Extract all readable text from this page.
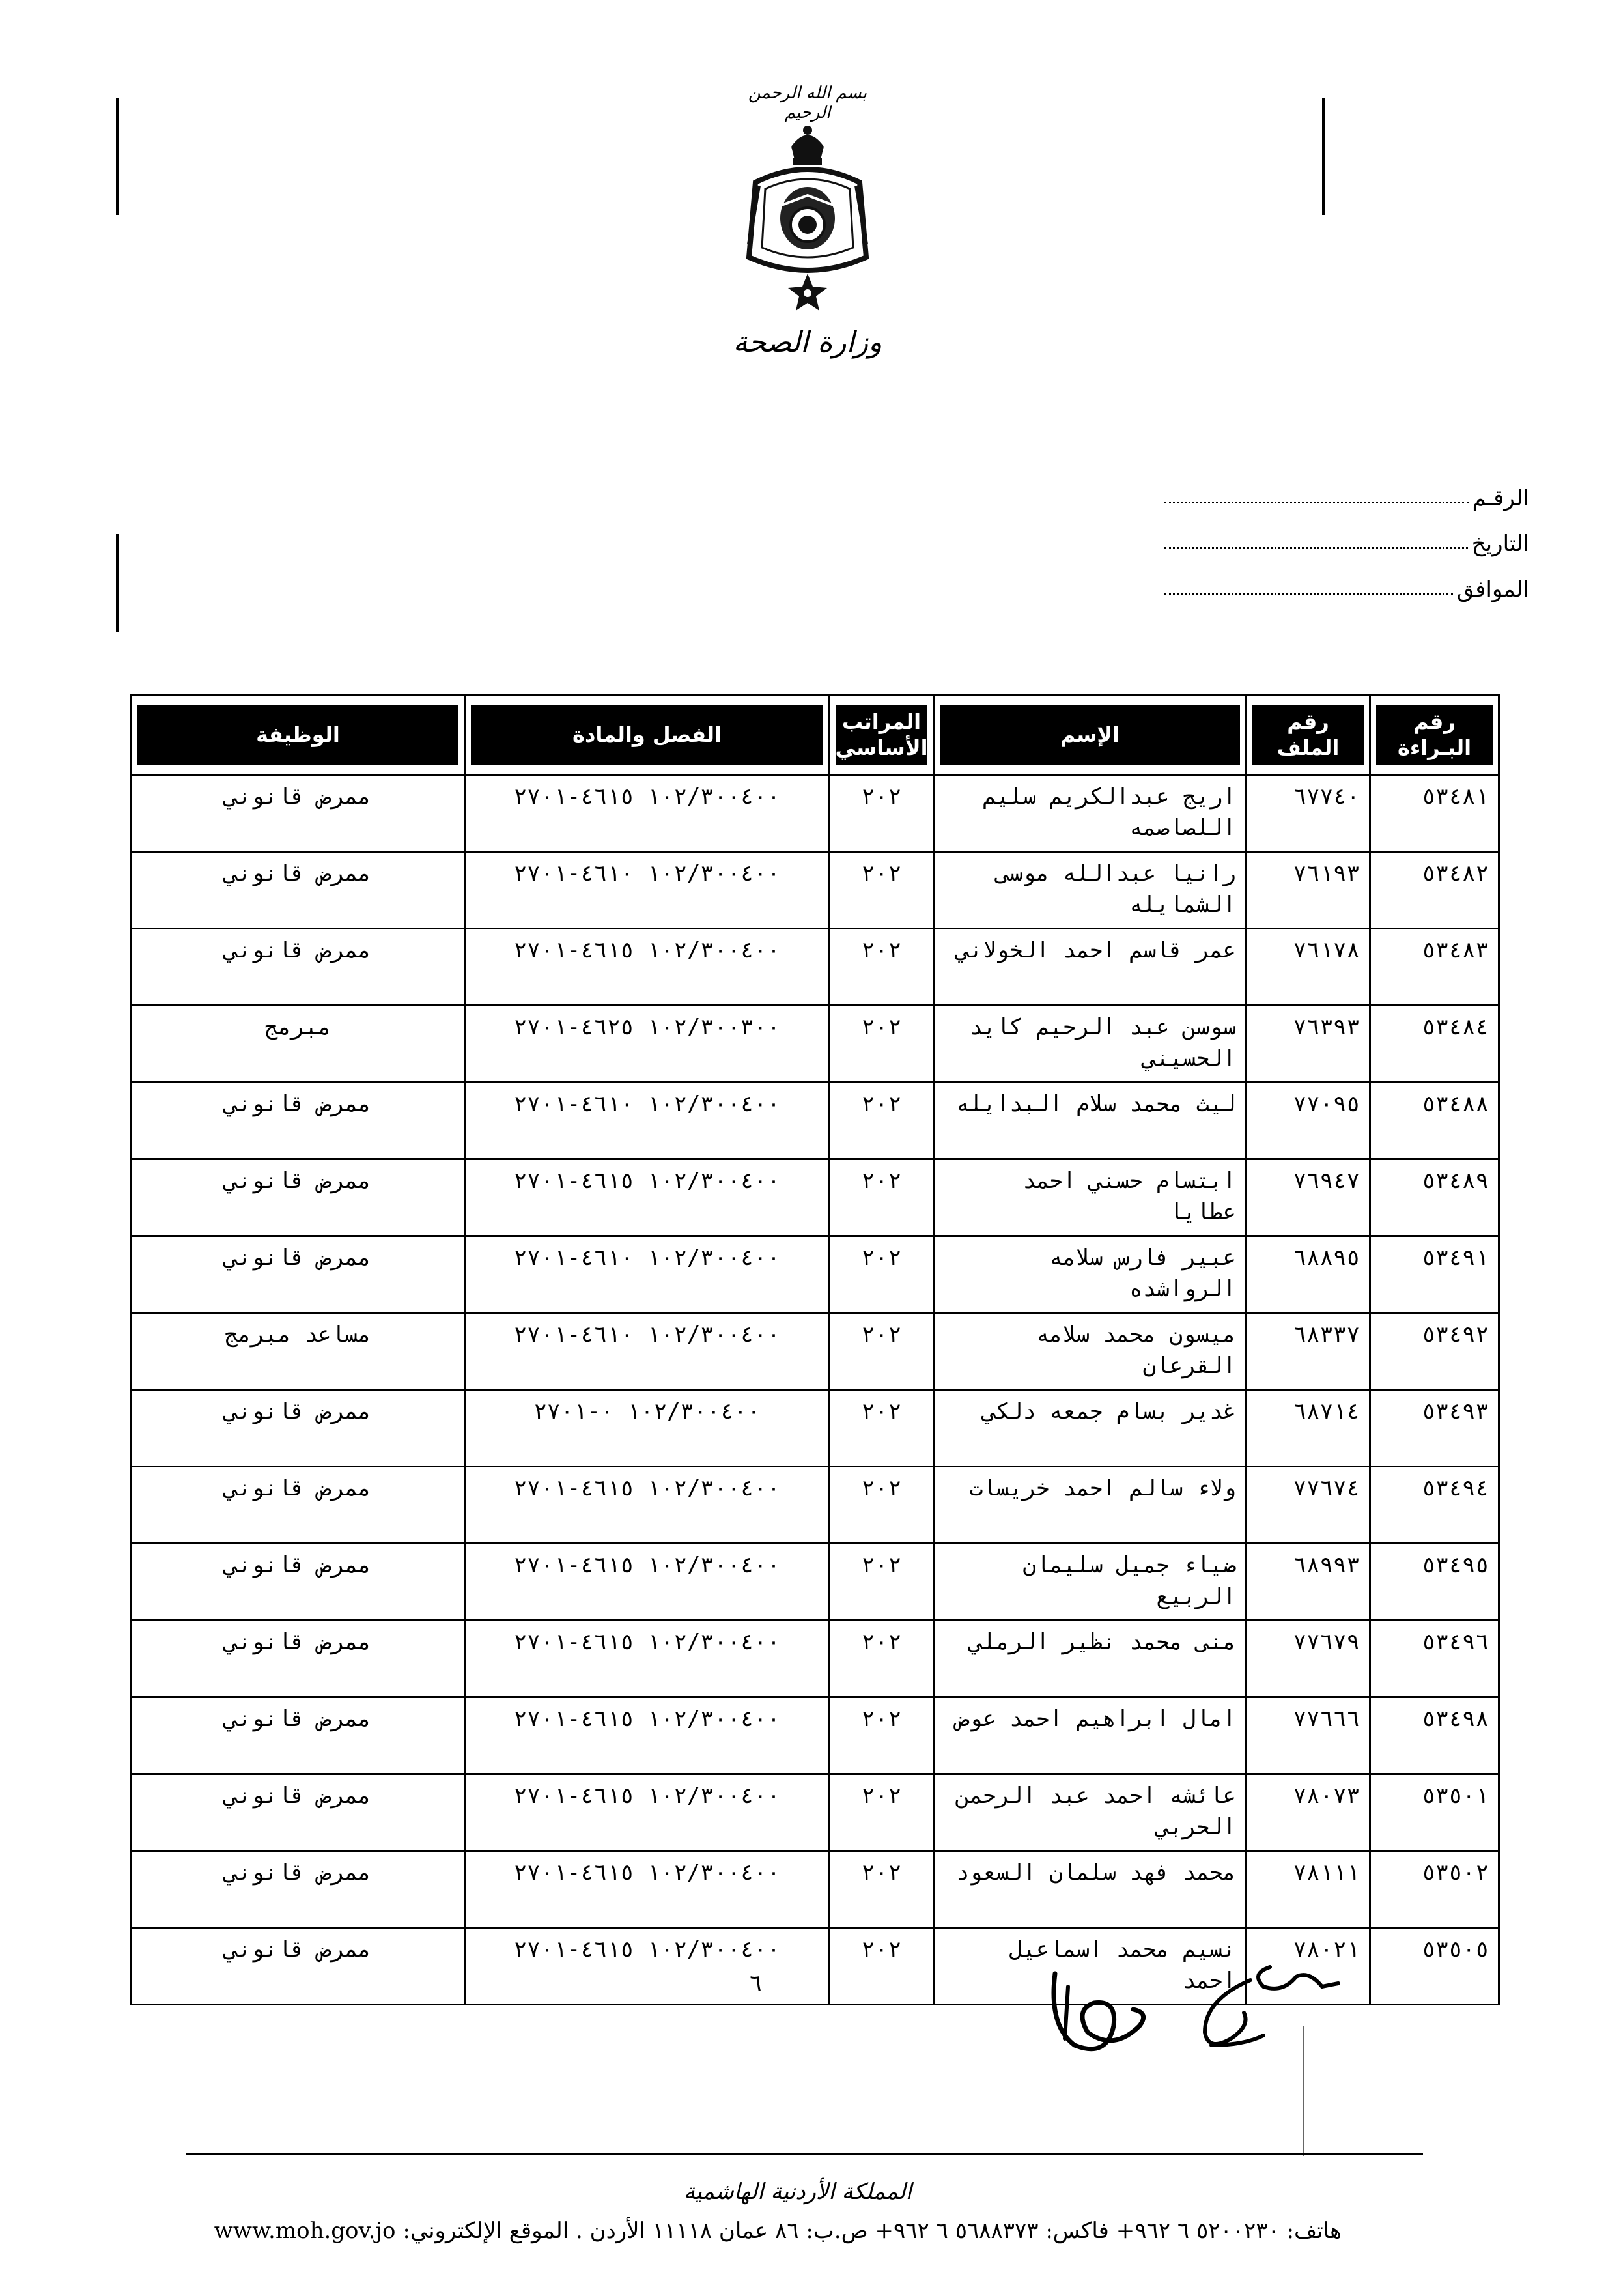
بسم الله الرحمن الرحيم
وزارة الصحة
الرقـم
التاريخ
الموافق
رقم البـراءة	رقم الملف	الإسم	المراتب الأساسي	الفصل والمادة	الوظيفة

٥٣٤٨١	٦٧٧٤٠	اريج عبدالكريم سليم اللصاصمه	٢٠٢	١٠٢/٣٠٠٤٠٠ ٤٦١٥-٢٧٠١	ممرض قانوني
٥٣٤٨٢	٧٦١٩٣	رانيا عبدالله موسى الشمايله	٢٠٢	١٠٢/٣٠٠٤٠٠ ٤٦١٠-٢٧٠١	ممرض قانوني
٥٣٤٨٣	٧٦١٧٨	عمر قاسم احمد الخولاني	٢٠٢	١٠٢/٣٠٠٤٠٠ ٤٦١٥-٢٧٠١	ممرض قانوني
٥٣٤٨٤	٧٦٣٩٣	سوسن عبد الرحيم كايد الحسيني	٢٠٢	١٠٢/٣٠٠٣٠٠ ٤٦٢٥-٢٧٠١	مبرمج
٥٣٤٨٨	٧٧٠٩٥	ليث محمد سلام البدايله	٢٠٢	١٠٢/٣٠٠٤٠٠ ٤٦١٠-٢٧٠١	ممرض قانوني
٥٣٤٨٩	٧٦٩٤٧	ابتسام حسني احمد عطايا	٢٠٢	١٠٢/٣٠٠٤٠٠ ٤٦١٥-٢٧٠١	ممرض قانوني
٥٣٤٩١	٦٨٨٩٥	عبير فارس سلامه الرواشده	٢٠٢	١٠٢/٣٠٠٤٠٠ ٤٦١٠-٢٧٠١	ممرض قانوني
٥٣٤٩٢	٦٨٣٣٧	ميسون محمد سلامه القرعان	٢٠٢	١٠٢/٣٠٠٤٠٠ ٤٦١٠-٢٧٠١	مساعد مبرمج
٥٣٤٩٣	٦٨٧١٤	غدير بسام جمعه دلكي	٢٠٢	١٠٢/٣٠٠٤٠٠ ٠-٢٧٠١	ممرض قانوني
٥٣٤٩٤	٧٧٦٧٤	ولاء سالم احمد خريسات	٢٠٢	١٠٢/٣٠٠٤٠٠ ٤٦١٥-٢٧٠١	ممرض قانوني
٥٣٤٩٥	٦٨٩٩٣	ضياء جميل سليمان الربيع	٢٠٢	١٠٢/٣٠٠٤٠٠ ٤٦١٥-٢٧٠١	ممرض قانوني
٥٣٤٩٦	٧٧٦٧٩	منى محمد نظير الرملي	٢٠٢	١٠٢/٣٠٠٤٠٠ ٤٦١٥-٢٧٠١	ممرض قانوني
٥٣٤٩٨	٧٧٦٦٦	امال ابراهيم احمد عوض	٢٠٢	١٠٢/٣٠٠٤٠٠ ٤٦١٥-٢٧٠١	ممرض قانوني
٥٣٥٠١	٧٨٠٧٣	عائشه احمد عبد الرحمن الحربي	٢٠٢	١٠٢/٣٠٠٤٠٠ ٤٦١٥-٢٧٠١	ممرض قانوني
٥٣٥٠٢	٧٨١١١	محمد فهد سلمان السعود	٢٠٢	١٠٢/٣٠٠٤٠٠ ٤٦١٥-٢٧٠١	ممرض قانوني
٥٣٥٠٥	٧٨٠٢١	نسيم محمد اسماعيل احمد	٢٠٢	١٠٢/٣٠٠٤٠٠ ٤٦١٥-٢٧٠١	ممرض قانوني
٦
المملكة الأردنية الهاشمية
هاتف: ٥٢٠٠٢٣٠ ٦ ٩٦٢+ فاكس: ٥٦٨٨٣٧٣ ٦ ٩٦٢+ ص.ب: ٨٦ عمان ١١١١٨ الأردن . الموقع الإلكتروني: www.moh.gov.jo
